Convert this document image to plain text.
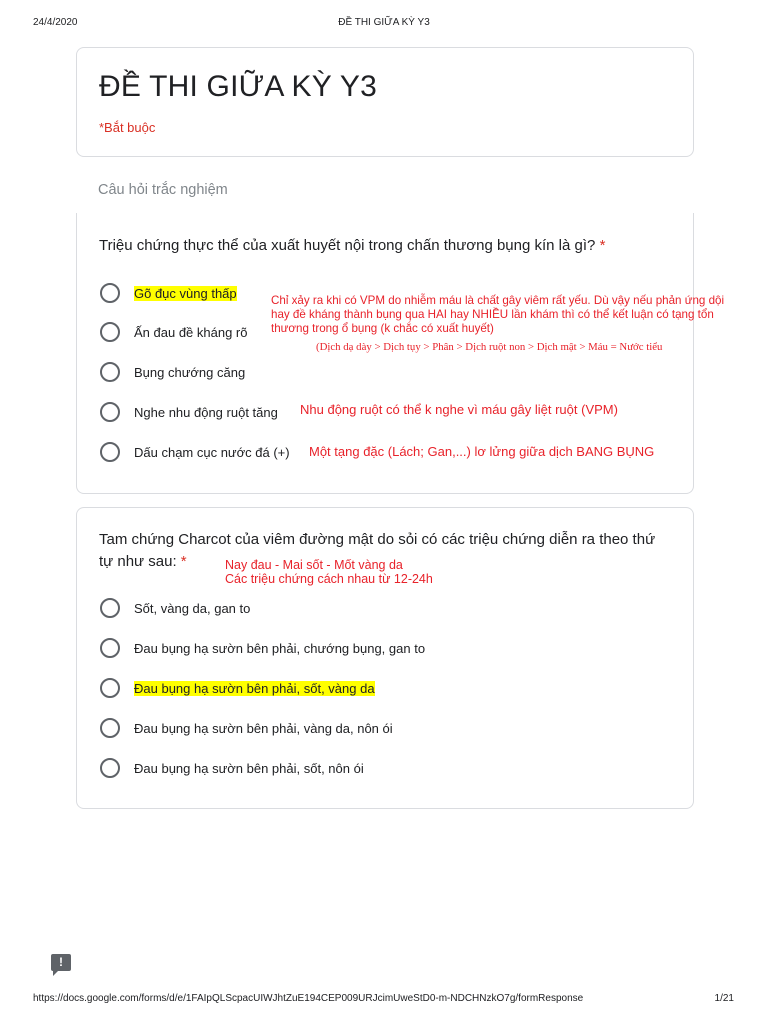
24/4/2020	ĐỀ THI GIỮA KỲ Y3
ĐỀ THI GIỮA KỲ Y3
*Bắt buộc
Câu hỏi trắc nghiệm
Triệu chứng thực thể của xuất huyết nội trong chấn thương bụng kín là gì? *
Gõ đục vùng thấp
Ấn đau đề kháng rõ
Bụng chướng căng
Nghe nhu động ruột tăng
Dấu chạm cục nước đá (+)
Tam chứng Charcot của viêm đường mật do sỏi có các triệu chứng diễn ra theo thứ tự như sau: *
Sốt, vàng da, gan to
Đau bụng hạ sườn bên phải, chướng bụng, gan to
Đau bụng hạ sườn bên phải, sốt, vàng da
Đau bụng hạ sườn bên phải, vàng da, nôn ói
Đau bụng hạ sườn bên phải, sốt, nôn ói
Chỉ xảy ra khi có VPM do nhiễm máu là chất gây viêm rất yếu. Dù vậy nếu phản ứng dội
hay đề kháng thành bụng qua HAI hay NHIỀU lần khám thì có thể kết luận có tạng tổn
thương trong ổ bụng (k chắc có xuất huyết)
(Dịch dạ dày > Dịch tụy > Phân > Dịch ruột non > Dịch mật > Máu = Nước tiểu
Nhu động ruột có thể k nghe vì máu gây liệt ruột (VPM)
Một tạng đặc (Lách; Gan,...) lơ lửng giữa dịch BANG BỤNG
Nay đau - Mai sốt - Mốt vàng da
Các triệu chứng cách nhau từ 12-24h
!
https://docs.google.com/forms/d/e/1FAIpQLScpacUIWJhtZuE194CEP009URJcimUweStD0-m-NDCHNzkO7g/formResponse	1/21
